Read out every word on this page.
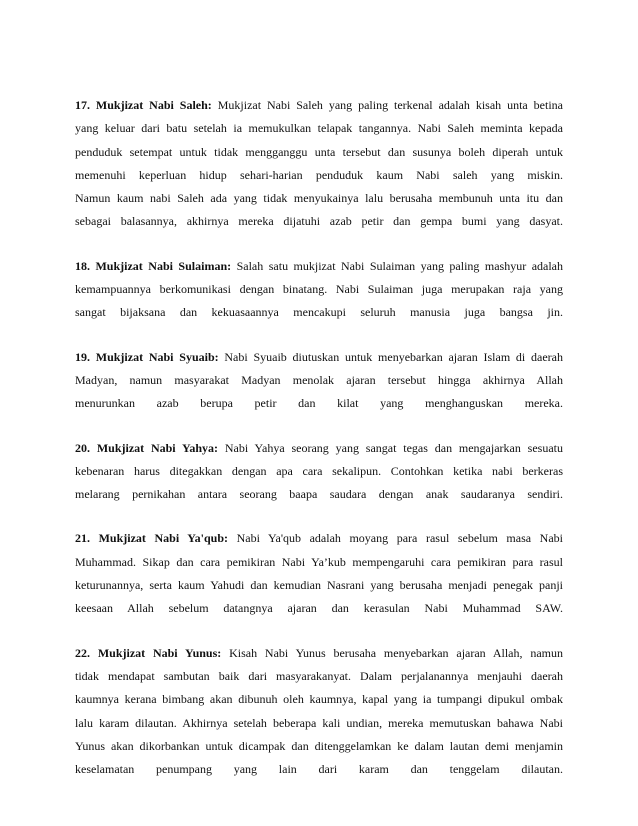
17. Mukjizat Nabi Saleh: Mukjizat Nabi Saleh yang paling terkenal adalah kisah unta betina
yang keluar dari batu setelah ia memukulkan telapak tangannya. Nabi Saleh meminta kepada
penduduk setempat untuk tidak mengganggu unta tersebut dan susunya boleh diperah untuk
memenuhi keperluan hidup sehari-harian penduduk kaum Nabi saleh yang miskin.
Namun kaum nabi Saleh ada yang tidak menyukainya lalu berusaha membunuh unta itu dan
sebagai balasannya, akhirnya mereka dijatuhi azab petir dan gempa bumi yang dasyat.
18. Mukjizat Nabi Sulaiman: Salah satu mukjizat Nabi Sulaiman yang paling mashyur adalah
kemampuannya berkomunikasi dengan binatang. Nabi Sulaiman juga merupakan raja yang
sangat bijaksana dan kekuasaannya mencakupi seluruh manusia juga bangsa jin.
19. Mukjizat Nabi Syuaib: Nabi Syuaib diutuskan untuk menyebarkan ajaran Islam di daerah
Madyan, namun masyarakat Madyan menolak ajaran tersebut hingga akhirnya Allah
menurunkan azab berupa petir dan kilat yang menghanguskan mereka.
20. Mukjizat Nabi Yahya: Nabi Yahya seorang yang sangat tegas dan mengajarkan sesuatu
kebenaran harus ditegakkan dengan apa cara sekalipun. Contohkan ketika nabi berkeras
melarang pernikahan antara seorang baapa saudara dengan anak saudaranya sendiri.
21. Mukjizat Nabi Ya'qub: Nabi Ya'qub adalah moyang para rasul sebelum masa Nabi
Muhammad. Sikap dan cara pemikiran Nabi Ya’kub mempengaruhi cara pemikiran para rasul
keturunannya, serta kaum Yahudi dan kemudian Nasrani yang berusaha menjadi penegak panji
keesaan Allah sebelum datangnya ajaran dan kerasulan Nabi Muhammad SAW.
22. Mukjizat Nabi Yunus: Kisah Nabi Yunus berusaha menyebarkan ajaran Allah, namun
tidak mendapat sambutan baik dari masyarakanyat. Dalam perjalanannya menjauhi daerah
kaumnya kerana bimbang akan dibunuh oleh kaumnya, kapal yang ia tumpangi dipukul ombak
lalu karam dilautan. Akhirnya setelah beberapa kali undian, mereka memutuskan bahawa Nabi
Yunus akan dikorbankan untuk dicampak dan ditenggelamkan ke dalam lautan demi menjamin
keselamatan penumpang yang lain dari karam dan tenggelam dilautan.
